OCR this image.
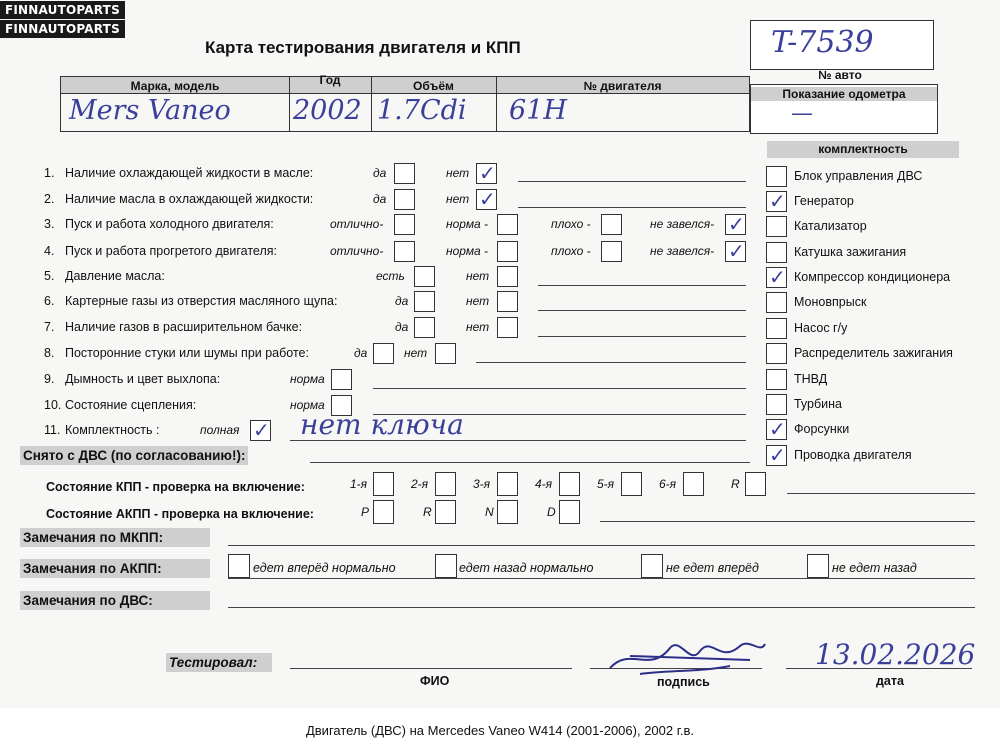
FINNAUTOPARTS
FINNAUTOPARTS
Карта тестирования двигателя и КПП	T-7539
№ авто
Показание одометра
—
Марка, модель	Год	Объём	№ двигателя
Mers Vaneo 2002 1.7Cdi 61H
1. Наличие охлаждающей жидкости в масле:	да	нет ✓
2. Наличие масла в охлаждающей жидкости:	да	нет ✓
3. Пуск и работа холодного двигателя:	отлично-	норма -	плохо -	не завелся- ✓
4. Пуск и работа прогретого двигателя:	отлично-	норма -	плохо -	не завелся- ✓
5. Давление масла:	есть	нет
6. Картерные газы из отверстия масляного щупа:	да	нет
7. Наличие газов в расширительном бачке:	да	нет
8. Посторонние стуки или шумы при работе:	да	нет
9. Дымность и цвет выхлопа:	норма
10. Состояние сцепления:	норма
11. Комплектность :	полная ✓ нет ключа
комплектность
Блок управления ДВС
✓ Генератор
Катализатор
Катушка зажигания
✓ Компрессор кондиционера
Моновпрыск
Насос г/у
Распределитель зажигания
ТНВД
Турбина
✓ Форсунки
✓ Проводка двигателя
Снято с ДВС (по согласованию!):
Состояние КПП - проверка на включение:	1-я	2-я	3-я	4-я	5-я	6-я	R
Состояние АКПП - проверка на включение:	P	R	N	D
Замечания по МКПП:
Замечания по АКПП:	едет вперёд нормально	едет назад нормально	не едет вперёд	не едет назад
Замечания по ДВС:
Тестировал:
ФИО	подпись
13.02.2026
дата
Двигатель (ДВС) на Mercedes Vaneo W414 (2001-2006), 2002 г.в.
